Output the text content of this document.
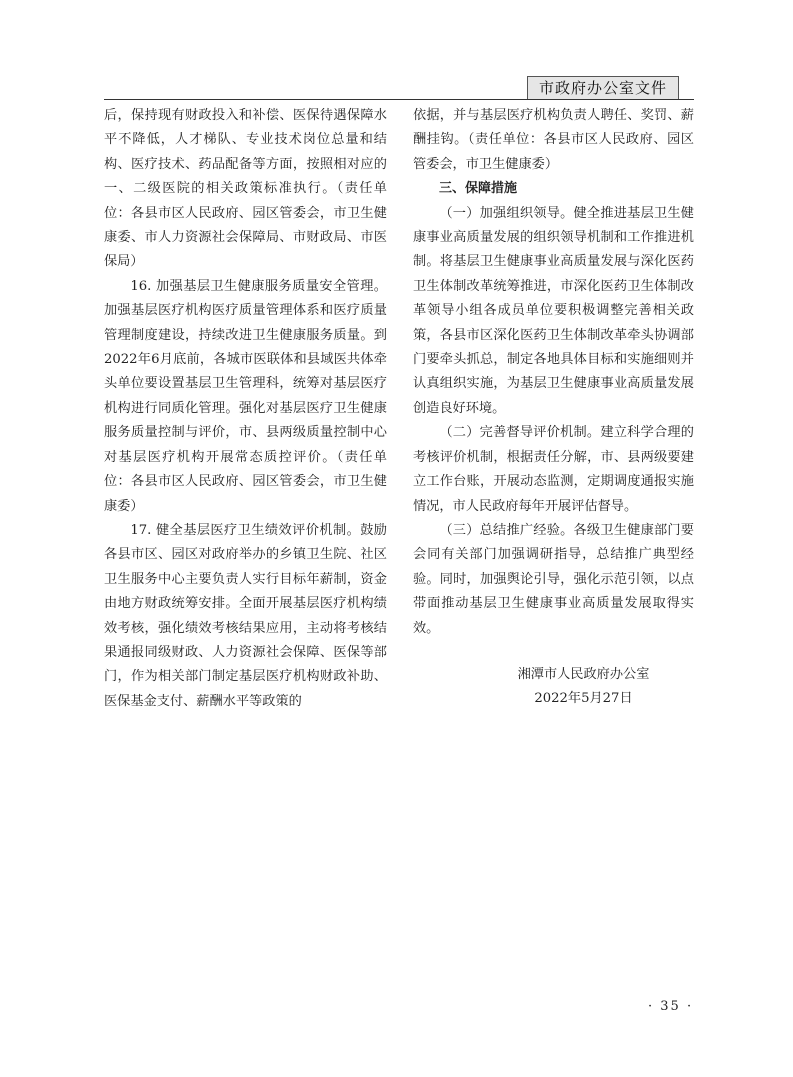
市政府办公室文件

后，保持现有财政投入和补偿、医保待遇保障水平不降低，人才梯队、专业技术岗位总量和结构、医疗技术、药品配备等方面，按照相对应的一、二级医院的相关政策标准执行。（责任单位：各县市区人民政府、园区管委会，市卫生健康委、市人力资源社会保障局、市财政局、市医保局）

16. 加强基层卫生健康服务质量安全管理。加强基层医疗机构医疗质量管理体系和医疗质量管理制度建设，持续改进卫生健康服务质量。到2022年6月底前，各城市医联体和县域医共体牵头单位要设置基层卫生管理科，统筹对基层医疗机构进行同质化管理。强化对基层医疗卫生健康服务质量控制与评价，市、县两级质量控制中心对基层医疗机构开展常态质控评价。（责任单位：各县市区人民政府、园区管委会，市卫生健康委）

17. 健全基层医疗卫生绩效评价机制。鼓励各县市区、园区对政府举办的乡镇卫生院、社区卫生服务中心主要负责人实行目标年薪制，资金由地方财政统筹安排。全面开展基层医疗机构绩效考核，强化绩效考核结果应用，主动将考核结果通报同级财政、人力资源社会保障、医保等部门，作为相关部门制定基层医疗机构财政补助、医保基金支付、薪酬水平等政策的

依据，并与基层医疗机构负责人聘任、奖罚、薪酬挂钩。（责任单位：各县市区人民政府、园区管委会，市卫生健康委）

三、保障措施

（一）加强组织领导。健全推进基层卫生健康事业高质量发展的组织领导机制和工作推进机制。将基层卫生健康事业高质量发展与深化医药卫生体制改革统筹推进，市深化医药卫生体制改革领导小组各成员单位要积极调整完善相关政策，各县市区深化医药卫生体制改革牵头协调部门要牵头抓总，制定各地具体目标和实施细则并认真组织实施，为基层卫生健康事业高质量发展创造良好环境。

（二）完善督导评价机制。建立科学合理的考核评价机制，根据责任分解，市、县两级要建立工作台账，开展动态监测，定期调度通报实施情况，市人民政府每年开展评估督导。

（三）总结推广经验。各级卫生健康部门要会同有关部门加强调研指导，总结推广典型经验。同时，加强舆论引导，强化示范引领，以点带面推动基层卫生健康事业高质量发展取得实效。

湘潭市人民政府办公室
2022年5月27日
· 35 ·
